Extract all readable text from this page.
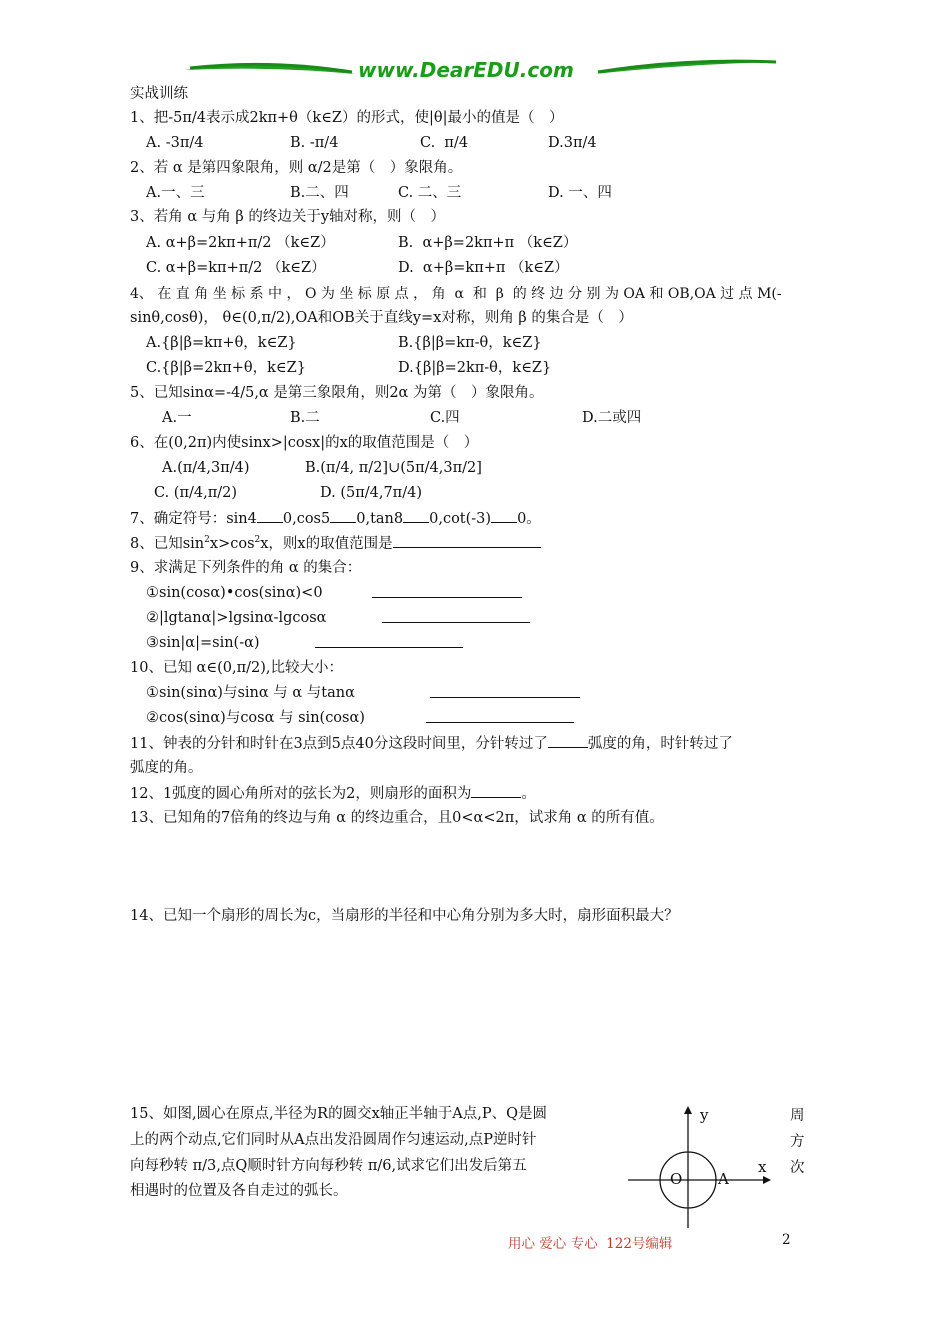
www.DearEDU.com
实战训练
1、把-5π/4表示成2kπ+θ（k∈Z）的形式，使|θ|最小的值是（　）
A. -3π/4	B. -π/4	C.  π/4	D.3π/4
2、若 α 是第四象限角，则 α/2是第（　）象限角。
A.一、三	B.二、四	C. 二、三	D. 一、四
3、若角 α 与角 β 的终边关于y轴对称，则（　）
A. α+β=2kπ+π/2 （k∈Z）	B.  α+β=2kπ+π （k∈Z）
C. α+β=kπ+π/2 （k∈Z）	D.  α+β=kπ+π （k∈Z）
4、 在 直 角 坐 标 系 中 ， O 为 坐 标 原 点 ， 角  α  和  β  的 终 边 分 别 为 OA 和 OB,OA 过 点 M(-
sinθ,cosθ)， θ∈(0,π/2),OA和OB关于直线y=x对称，则角 β 的集合是（　）
A.{β|β=kπ+θ，k∈Z}	B.{β|β=kπ-θ，k∈Z}
C.{β|β=2kπ+θ，k∈Z}	D.{β|β=2kπ-θ，k∈Z}
5、已知sinα=-4/5,α 是第三象限角，则2α 为第（　）象限角。
A.一	B.二	C.四	D.二或四
6、在(0,2π)内使sinx>|cosx|的x的取值范围是（　）
A.(π/4,3π/4)	B.(π/4, π/2]∪(5π/4,3π/2]
C. (π/4,π/2)	D. (5π/4,7π/4)
7、确定符号：sin4 0,cos5 0,tan8 0,cot(-3) 0。
8、已知$\sin^2x>\cos^2x$，则x的取值范围是
9、求满足下列条件的角 α 的集合：
①sin(cosα)•cos(sinα)<0
②|lgtanα|>lgsinα-lgcosα
③sin|α|=sin(-α)
10、已知 α∈(0,π/2),比较大小：
①sin(sinα)与sinα 与 α 与tanα
②cos(sinα)与cosα 与 sin(cosα)
11、钟表的分针和时针在3点到5点40分这段时间里，分针转过了	弧度的角，时针转过了
弧度的角。
12、1弧度的圆心角所对的弦长为2，则扇形的面积为	。
13、已知角的7倍角的终边与角 α 的终边重合，且0<α<2π，试求角 α 的所有值。
14、已知一个扇形的周长为c，当扇形的半径和中心角分别为多大时，扇形面积最大？
15、如图,圆心在原点,半径为R的圆交x轴正半轴于A点,P、Q是圆
上的两个动点,它们同时从A点出发沿圆周作匀速运动,点P逆时针
向每秒转 π/3,点Q顺时针方向每秒转 π/6,试求它们出发后第五
相遇时的位置及各自走过的弧长。
周
方
次
y
x
O A
用心 爱心 专心  122号编辑	2
